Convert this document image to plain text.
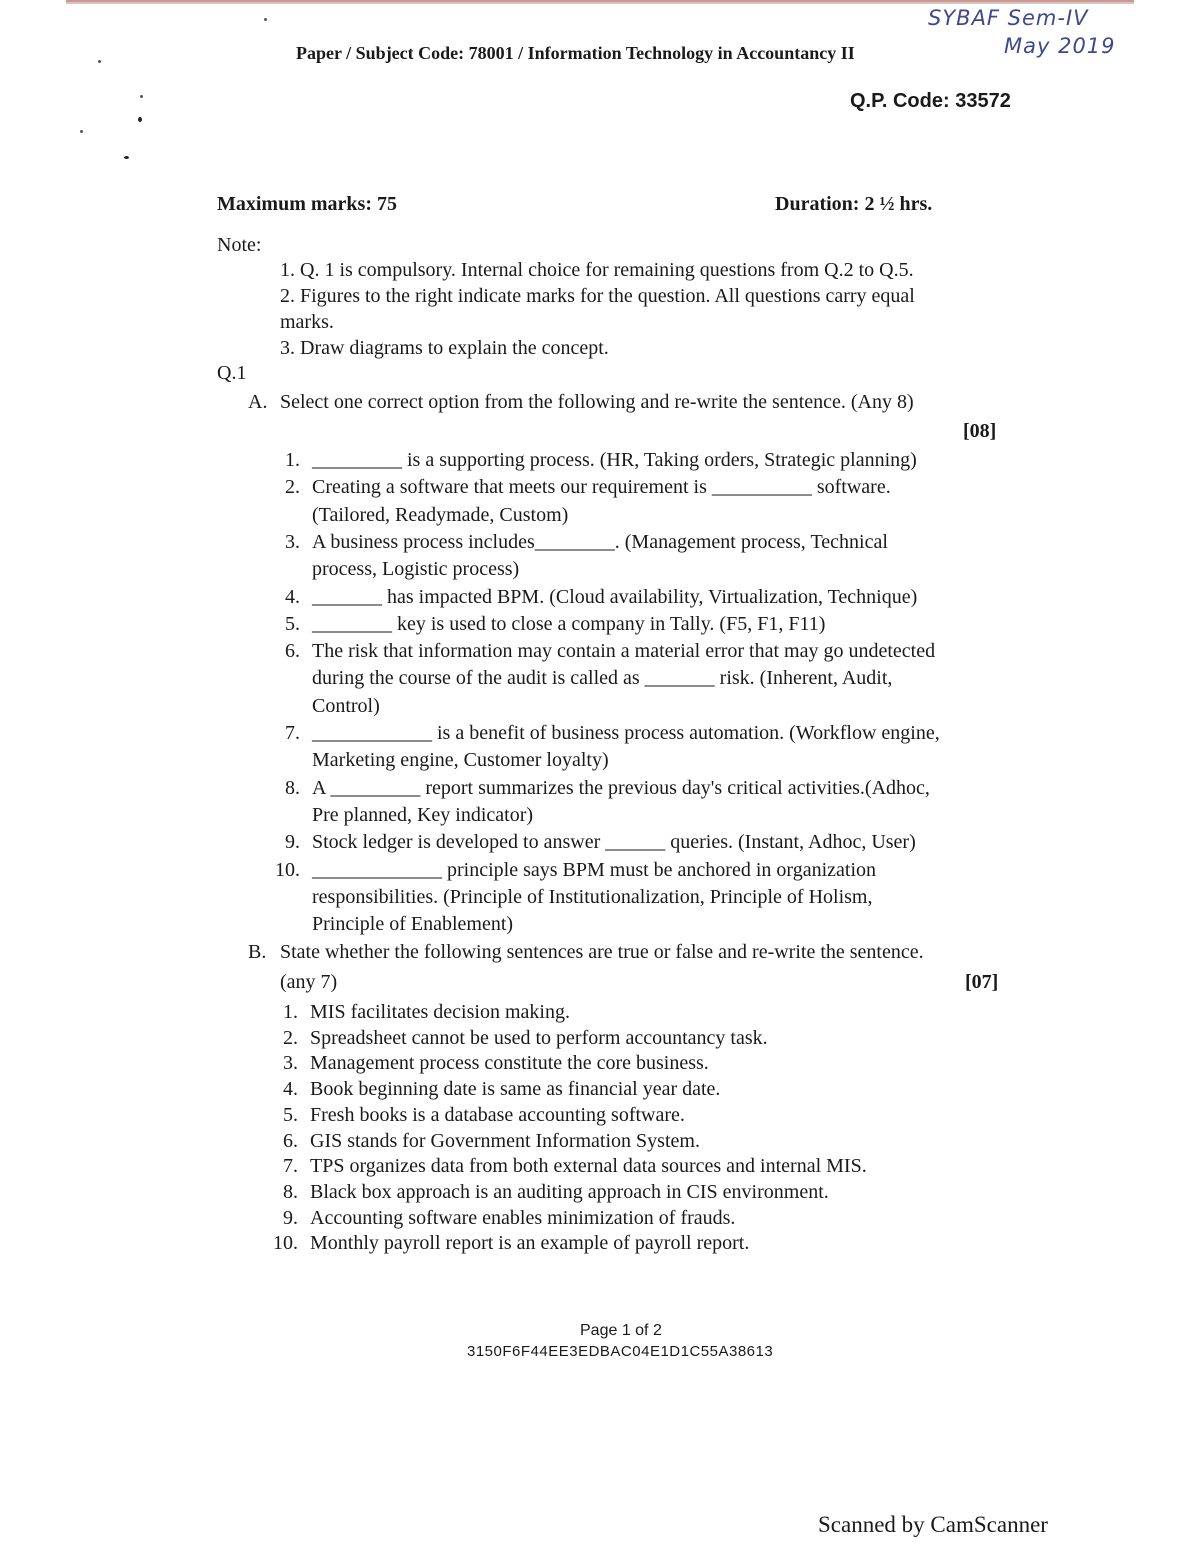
SYBAF Sem-IV
May 2019
Paper / Subject Code: 78001 / Information Technology in Accountancy II
Q.P. Code: 33572
Maximum marks: 75	Duration: 2 ½ hrs.
Note:
1. Q. 1 is compulsory. Internal choice for remaining questions from Q.2 to Q.5.
2. Figures to the right indicate marks for the question. All questions carry equal
marks.
3. Draw diagrams to explain the concept.
Q.1
A. Select one correct option from the following and re-write the sentence. (Any 8)
[08]
1. _________ is a supporting process. (HR, Taking orders, Strategic planning)
2. Creating a software that meets our requirement is __________ software.
(Tailored, Readymade, Custom)
3. A business process includes________. (Management process, Technical
process, Logistic process)
4. _______ has impacted BPM. (Cloud availability, Virtualization, Technique)
5. ________ key is used to close a company in Tally. (F5, F1, F11)
6. The risk that information may contain a material error that may go undetected
during the course of the audit is called as _______ risk. (Inherent, Audit,
Control)
7. ____________ is a benefit of business process automation. (Workflow engine,
Marketing engine, Customer loyalty)
8. A _________ report summarizes the previous day's critical activities.(Adhoc,
Pre planned, Key indicator)
9. Stock ledger is developed to answer ______ queries. (Instant, Adhoc, User)
10. _____________ principle says BPM must be anchored in organization
responsibilities. (Principle of Institutionalization, Principle of Holism,
Principle of Enablement)
B. State whether the following sentences are true or false and re-write the sentence.
(any 7)	[07]
1. MIS facilitates decision making.
2. Spreadsheet cannot be used to perform accountancy task.
3. Management process constitute the core business.
4. Book beginning date is same as financial year date.
5. Fresh books is a database accounting software.
6. GIS stands for Government Information System.
7. TPS organizes data from both external data sources and internal MIS.
8. Black box approach is an auditing approach in CIS environment.
9. Accounting software enables minimization of frauds.
10. Monthly payroll report is an example of payroll report.
Page 1 of 2
3150F6F44EE3EDBAC04E1D1C55A38613
Scanned by CamScanner
